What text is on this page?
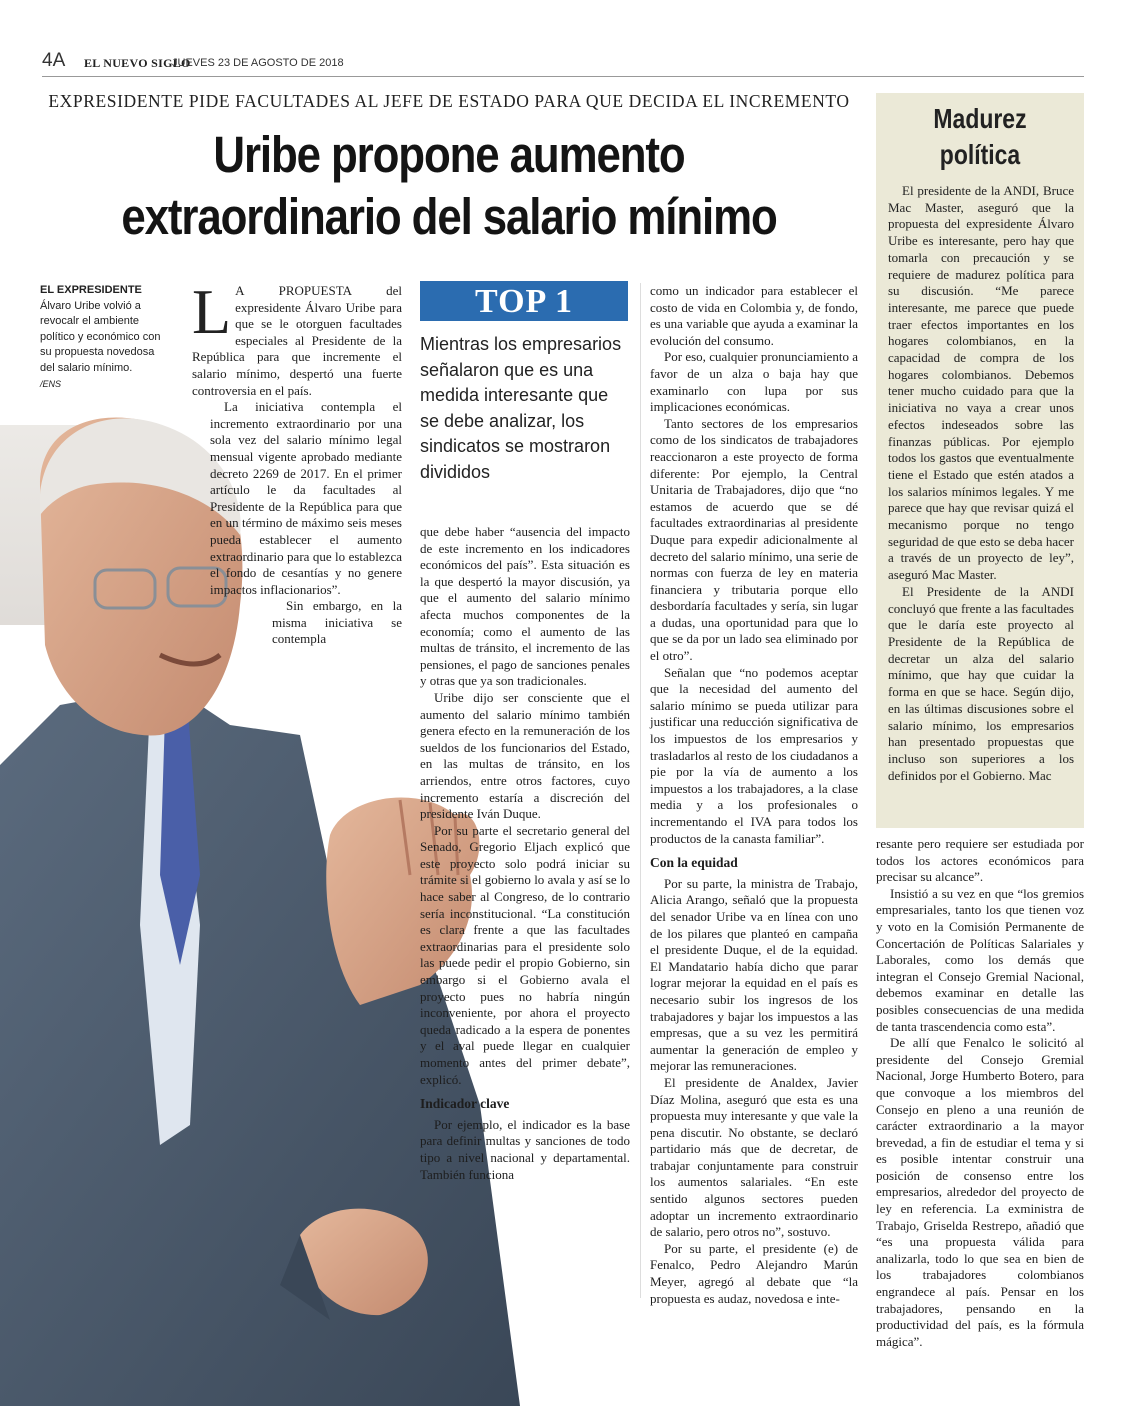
4A EL NUEVO SIGLO
JUEVES 23 DE AGOSTO DE 2018
EXPRESIDENTE PIDE FACULTADES AL JEFE DE ESTADO PARA QUE DECIDA EL INCREMENTO
Uribe propone aumento
extraordinario del salario mínimo
Madurez
política

El presidente de la ANDI, Bruce Mac Master, aseguró que la propuesta del expresidente Álvaro Uribe es interesante, pero hay que tomarla con precaución y se requiere de madurez política para su discusión. “Me parece interesante, me parece que puede traer efectos importantes en los hogares colombianos, en la capacidad de compra de los hogares colombianos. Debemos tener mucho cuidado para que la iniciativa no vaya a crear unos efectos indeseados sobre las finanzas públicas. Por ejemplo todos los gastos que eventualmente tiene el Estado que estén atados a los salarios mínimos legales. Y me parece que hay que revisar quizá el mecanismo porque no tengo seguridad de que esto se deba hacer a través de un proyecto de ley”, aseguró Mac Master.

El Presidente de la ANDI concluyó que frente a las facultades que le daría este proyecto al Presidente de la República de decretar un alza del salario mínimo, que hay que cuidar la forma en que se hace. Según dijo, en las últimas discusiones sobre el salario mínimo, los empresarios han presentado propuestas que incluso son superiores a los definidos por el Gobierno. Mac

EL EXPRESIDENTE
Álvaro Uribe volvió a revocalr el ambiente político y económico con su propuesta novedosa del salario mínimo.
/ENS

L A PROPUESTA del expresidente Álvaro Uribe para que se le otorguen facultades especiales al Presidente de la República para que incremente el salario mínimo, despertó una fuerte controversia en el país.

La iniciativa contempla el incremento extraordinario por una sola vez del salario mínimo legal mensual vigente aprobado mediante decreto 2269 de 2017. En el primer artículo le da facultades al Presidente de la República para que en un término de máximo seis meses pueda establecer el aumento extraordinario para que lo establezca el fondo de cesantías y no genere impactos inflacionarios”.

Sin embargo, en la misma iniciativa se contempla

TOP 1
Mientras los empresarios señalaron que es una medida interesante que se debe analizar, los sindicatos se mostraron divididos

que debe haber “ausencia del impacto de este incremento en los indicadores económicos del país”. Esta situación es la que despertó la mayor discusión, ya que el aumento del salario mínimo afecta muchos componentes de la economía; como el aumento de las multas de tránsito, el incremento de las pensiones, el pago de sanciones penales y otras que ya son tradicionales.

Uribe dijo ser consciente que el aumento del salario mínimo también genera efecto en la remuneración de los sueldos de los funcionarios del Estado, en las multas de tránsito, en los arriendos, entre otros factores, cuyo incremento estaría a discreción del presidente Iván Duque.

Por su parte el secretario general del Senado, Gregorio Eljach explicó que este proyecto solo podrá iniciar su trámite si el gobierno lo avala y así se lo hace saber al Congreso, de lo contrario sería inconstitucional. “La constitución es clara frente a que las facultades extraordinarias para el presidente solo las puede pedir el propio Gobierno, sin embargo si el Gobierno avala el proyecto pues no habría ningún inconveniente, por ahora el proyecto queda radicado a la espera de ponentes y el aval puede llegar en cualquier momento antes del primer debate”, explicó.

Indicador clave

Por ejemplo, el indicador es la base para definir multas y sanciones de todo tipo a nivel nacional y departamental. También funciona

como un indicador para establecer el costo de vida en Colombia y, de fondo, es una variable que ayuda a examinar la evolución del consumo.

Por eso, cualquier pronunciamiento a favor de un alza o baja hay que examinarlo con lupa por sus implicaciones económicas.

Tanto sectores de los empresarios como de los sindicatos de trabajadores reaccionaron a este proyecto de forma diferente: Por ejemplo, la Central Unitaria de Trabajadores, dijo que “no estamos de acuerdo que se dé facultades extraordinarias al presidente Duque para expedir adicionalmente al decreto del salario mínimo, una serie de normas con fuerza de ley en materia financiera y tributaria porque ello desbordaría facultades y sería, sin lugar a dudas, una oportunidad para que lo que se da por un lado sea eliminado por el otro”.

Señalan que “no podemos aceptar que la necesidad del aumento del salario mínimo se pueda utilizar para justificar una reducción significativa de los impuestos de los empresarios y trasladarlos al resto de los ciudadanos a pie por la vía de aumento a los impuestos a los trabajadores, a la clase media y a los profesionales o incrementando el IVA para todos los productos de la canasta familiar”.

Con la equidad

Por su parte, la ministra de Trabajo, Alicia Arango, señaló que la propuesta del senador Uribe va en línea con uno de los pilares que planteó en campaña el presidente Duque, el de la equidad. El Mandatario había dicho que parar lograr mejorar la equidad en el país es necesario subir los ingresos de los trabajadores y bajar los impuestos a las empresas, que a su vez les permitirá aumentar la generación de empleo y mejorar las remuneraciones.

El presidente de Analdex, Javier Díaz Molina, aseguró que esta es una propuesta muy interesante y que vale la pena discutir. No obstante, se declaró partidario más que de decretar, de trabajar conjuntamente para construir los aumentos salariales. “En este sentido algunos sectores pueden adoptar un incremento extraordinario de salario, pero otros no”, sostuvo.

Por su parte, el presidente (e) de Fenalco, Pedro Alejandro Marún Meyer, agregó al debate que “la propuesta es audaz, novedosa e inte-

resante pero requiere ser estudiada por todos los actores económicos para precisar su alcance”.

Insistió a su vez en que “los gremios empresariales, tanto los que tienen voz y voto en la Comisión Permanente de Concertación de Políticas Salariales y Laborales, como los demás que integran el Consejo Gremial Nacional, debemos examinar en detalle las posibles consecuencias de una medida de tanta trascendencia como esta”.

De allí que Fenalco le solicitó al presidente del Consejo Gremial Nacional, Jorge Humberto Botero, para que convoque a los miembros del Consejo en pleno a una reunión de carácter extraordinario a la mayor brevedad, a fin de estudiar el tema y si es posible intentar construir una posición de consenso entre los empresarios, alrededor del proyecto de ley en referencia. La exministra de Trabajo, Griselda Restrepo, añadió que “es una propuesta válida para analizarla, todo lo que sea en bien de los trabajadores colombianos engrandece al país. Pensar en los trabajadores, pensando en la productividad del país, es la fórmula mágica”.
